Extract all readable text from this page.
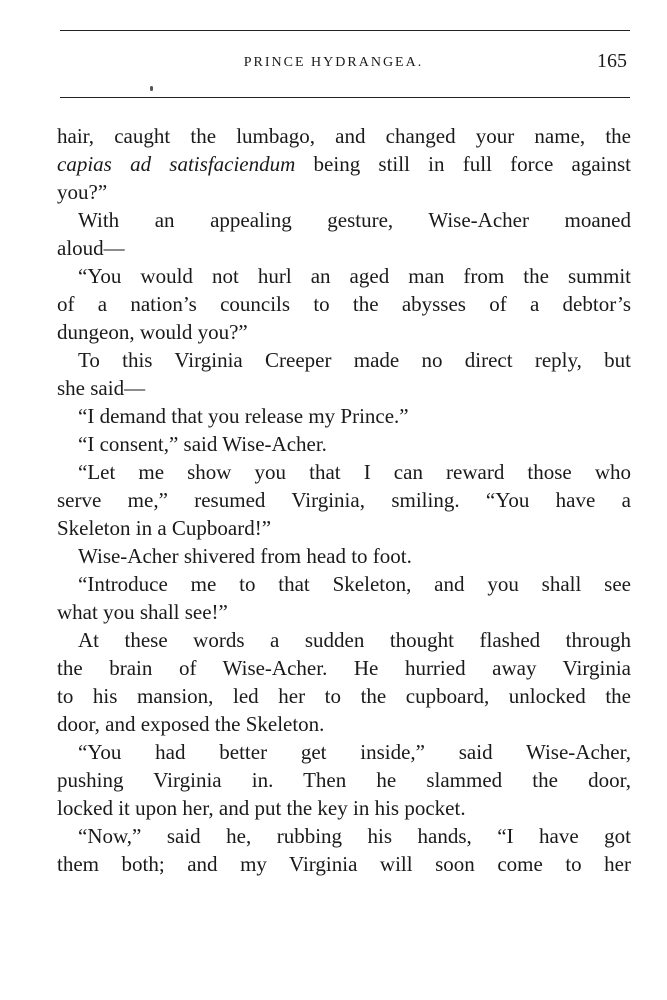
PRINCE HYDRANGEA.	165
hair, caught the lumbago, and changed your name, the
capias ad satisfaciendum being still in full force against
you?”
With an appealing gesture, Wise-Acher moaned
aloud—
“You would not hurl an aged man from the summit
of a nation’s councils to the abysses of a debtor’s
dungeon, would you?”
To this Virginia Creeper made no direct reply, but
she said—
“I demand that you release my Prince.”
“I consent,” said Wise-Acher.
“Let me show you that I can reward those who
serve me,” resumed Virginia, smiling. “You have a
Skeleton in a Cupboard!”
Wise-Acher shivered from head to foot.
“Introduce me to that Skeleton, and you shall see
what you shall see!”
At these words a sudden thought flashed through
the brain of Wise-Acher. He hurried away Virginia
to his mansion, led her to the cupboard, unlocked the
door, and exposed the Skeleton.
“You had better get inside,” said Wise-Acher,
pushing Virginia in. Then he slammed the door,
locked it upon her, and put the key in his pocket.
“Now,” said he, rubbing his hands, “I have got
them both; and my Virginia will soon come to her
